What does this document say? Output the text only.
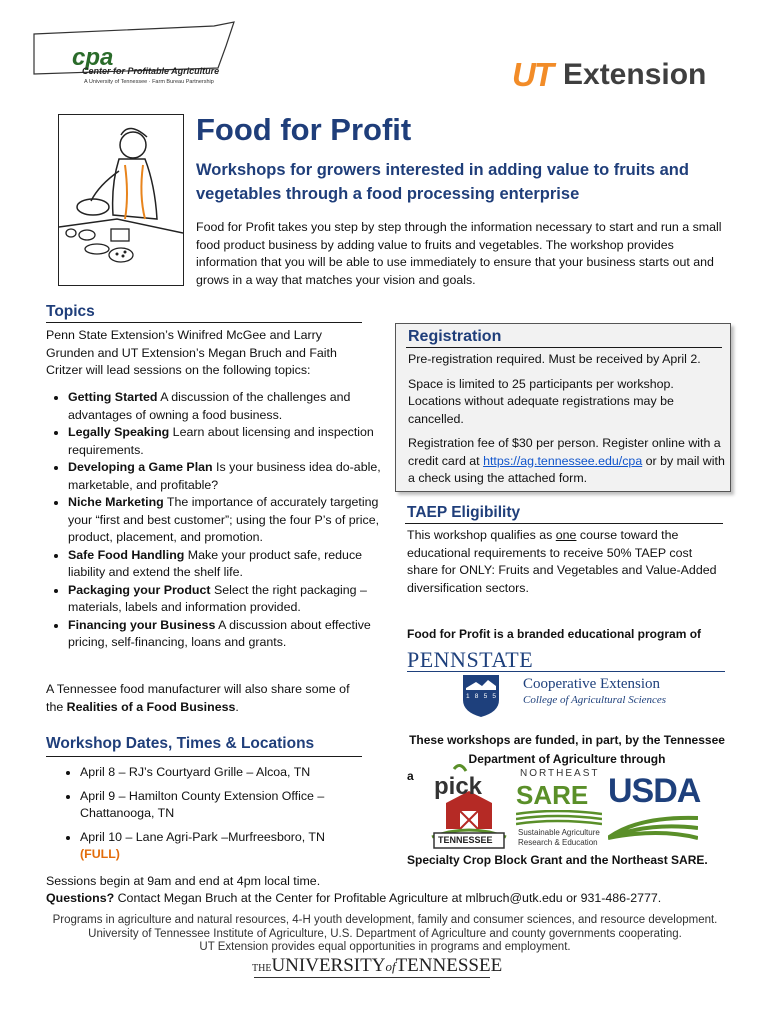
cpa
Center for Profitable Agriculture
A University of Tennessee · Farm Bureau Partnership	UT Extension
Food for Profit
Workshops for growers interested in adding value to fruits and vegetables through a food processing enterprise
Food for Profit takes you step by step through the information necessary to start and run a small food product business by adding value to fruits and vegetables. The workshop provides information that you will be able to use immediately to ensure that your business starts out and grows in a way that matches your vision and goals.
Topics
Penn State Extension’s Winifred McGee and Larry Grunden and UT Extension’s Megan Bruch and Faith Critzer will lead sessions on the following topics:
• Getting Started A discussion of the challenges and advantages of owning a food business.
• Legally Speaking Learn about licensing and inspection requirements.
• Developing a Game Plan Is your business idea do-able, marketable, and profitable?
• Niche Marketing The importance of accurately targeting your “first and best customer”; using the four P’s of price, product, placement, and promotion.
• Safe Food Handling Make your product safe, reduce liability and extend the shelf life.
• Packaging your Product Select the right packaging – materials, labels and information provided.
• Financing your Business A discussion about effective pricing, self-financing, loans and grants.
A Tennessee food manufacturer will also share some of the Realities of a Food Business.
Workshop Dates, Times & Locations
• April 8 – RJ’s Courtyard Grille – Alcoa, TN
• April 9 – Hamilton County Extension Office – Chattanooga, TN
• April 10 – Lane Agri-Park –Murfreesboro, TN
(FULL)
Registration

Pre-registration required. Must be received by April 2.

Space is limited to 25 participants per workshop. Locations without adequate registrations may be cancelled.

Registration fee of $30 per person. Register online with a credit card at https://ag.tennessee.edu/cpa or by mail with a check using the attached form.

TAEP Eligibility
This workshop qualifies as one course toward the educational requirements to receive 50% TAEP cost share for ONLY: Fruits and Vegetables and Value-Added diversification sectors.
Food for Profit is a branded educational program of
PENNSTATE
1 8 5 5
Cooperative Extension
College of Agricultural Sciences
These workshops are funded, in part, by the Tennessee Department of Agriculture through
a pick
TENNESSEE
NORTHEAST
SARE
Sustainable Agriculture Research & Education
USDA
Specialty Crop Block Grant and the Northeast SARE.
Sessions begin at 9am and end at 4pm local time.
Questions? Contact Megan Bruch at the Center for Profitable Agriculture at mlbruch@utk.edu or 931-486-2777.
Programs in agriculture and natural resources, 4-H youth development, family and consumer sciences, and resource development.
University of Tennessee Institute of Agriculture, U.S. Department of Agriculture and county governments cooperating.
UT Extension provides equal opportunities in programs and employment.
THEUNIVERSITYofTENNESSEE
